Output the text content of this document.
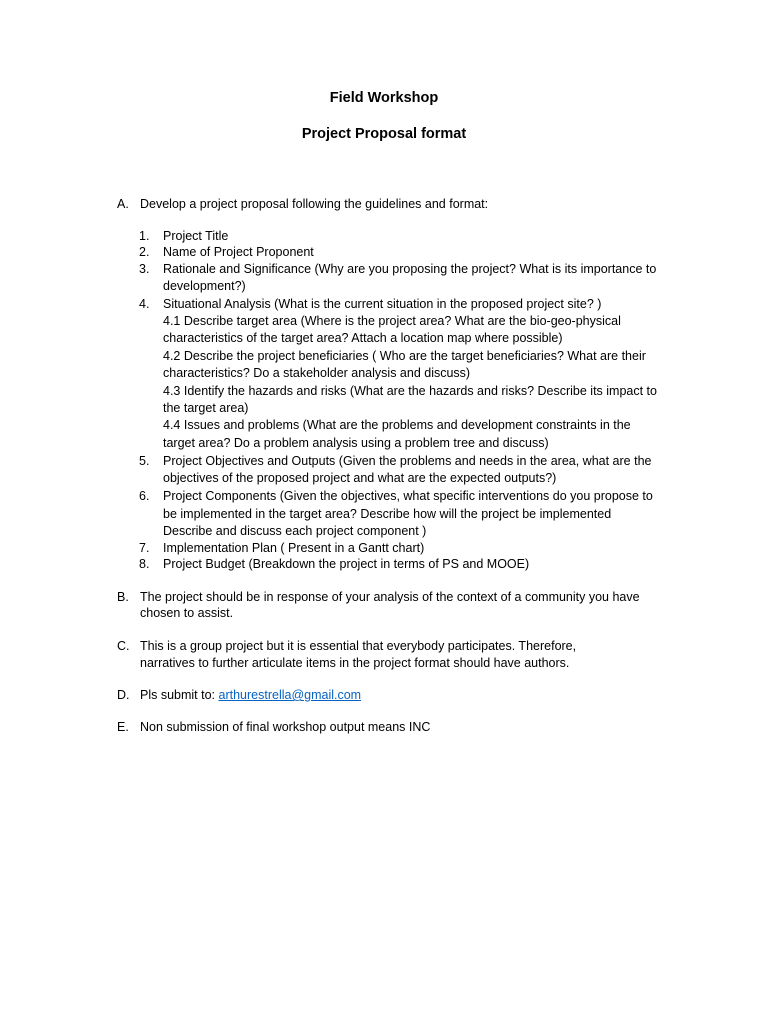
Field Workshop
Project Proposal format
A. Develop a project proposal following the guidelines and format:
1. Project Title
2. Name of Project Proponent
3. Rationale and Significance (Why are you proposing the project? What is its importance to
development?)
4. Situational Analysis (What is the current situation in the proposed project site? )
4.1 Describe target area (Where is the project area? What are the bio-geo-physical
characteristics of the target area? Attach a location map where possible)
4.2 Describe the project beneficiaries ( Who are the target beneficiaries? What are their
characteristics? Do a stakeholder analysis and discuss)
4.3 Identify the hazards and risks (What are the hazards and risks? Describe its impact to
the target area)
4.4 Issues and problems (What are the problems and development constraints in the
target area? Do a problem analysis using a problem tree and discuss)
5. Project Objectives and Outputs (Given the problems and needs in the area, what are the
objectives of the proposed project and what are the expected outputs?)
6. Project Components (Given the objectives, what specific interventions do you propose to
be implemented in the target area? Describe how will the project be implemented
Describe and discuss each project component )
7. Implementation Plan ( Present in a Gantt chart)
8. Project Budget (Breakdown the project in terms of PS and MOOE)
B. The project should be in response of your analysis of the context of a community you have
chosen to assist.
C. This is a group project but it is essential that everybody participates. Therefore,
narratives to further articulate items in the project format should have authors.
D. Pls submit to: arthurestrella@gmail.com
E. Non submission of final workshop output means INC
